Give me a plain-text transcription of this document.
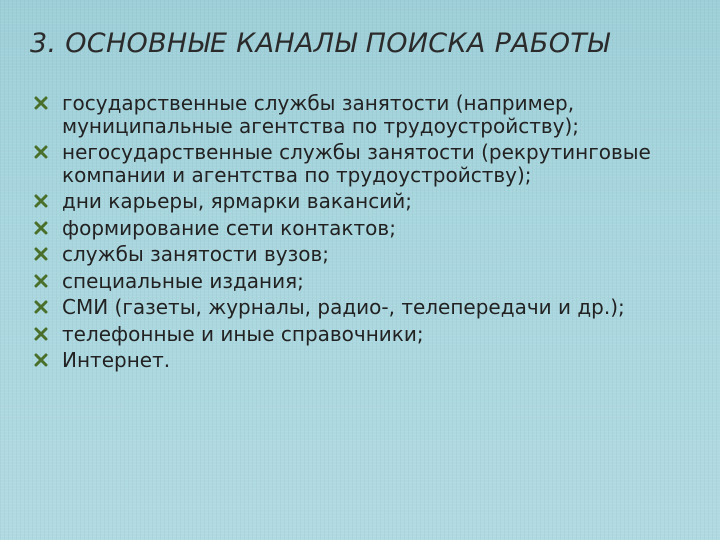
3. ОСНОВНЫЕ КАНАЛЫ ПОИСКА РАБОТЫ
государственные службы занятости (например, муниципальные агентства по трудоустройству);
негосударственные службы занятости (рекрутинговые компании и агентства по трудоустройству);
дни карьеры, ярмарки вакансий;
формирование сети контактов;
службы занятости вузов;
специальные издания;
СМИ (газеты, журналы, радио-, телепередачи и др.);
телефонные и иные справочники;
Интернет.
